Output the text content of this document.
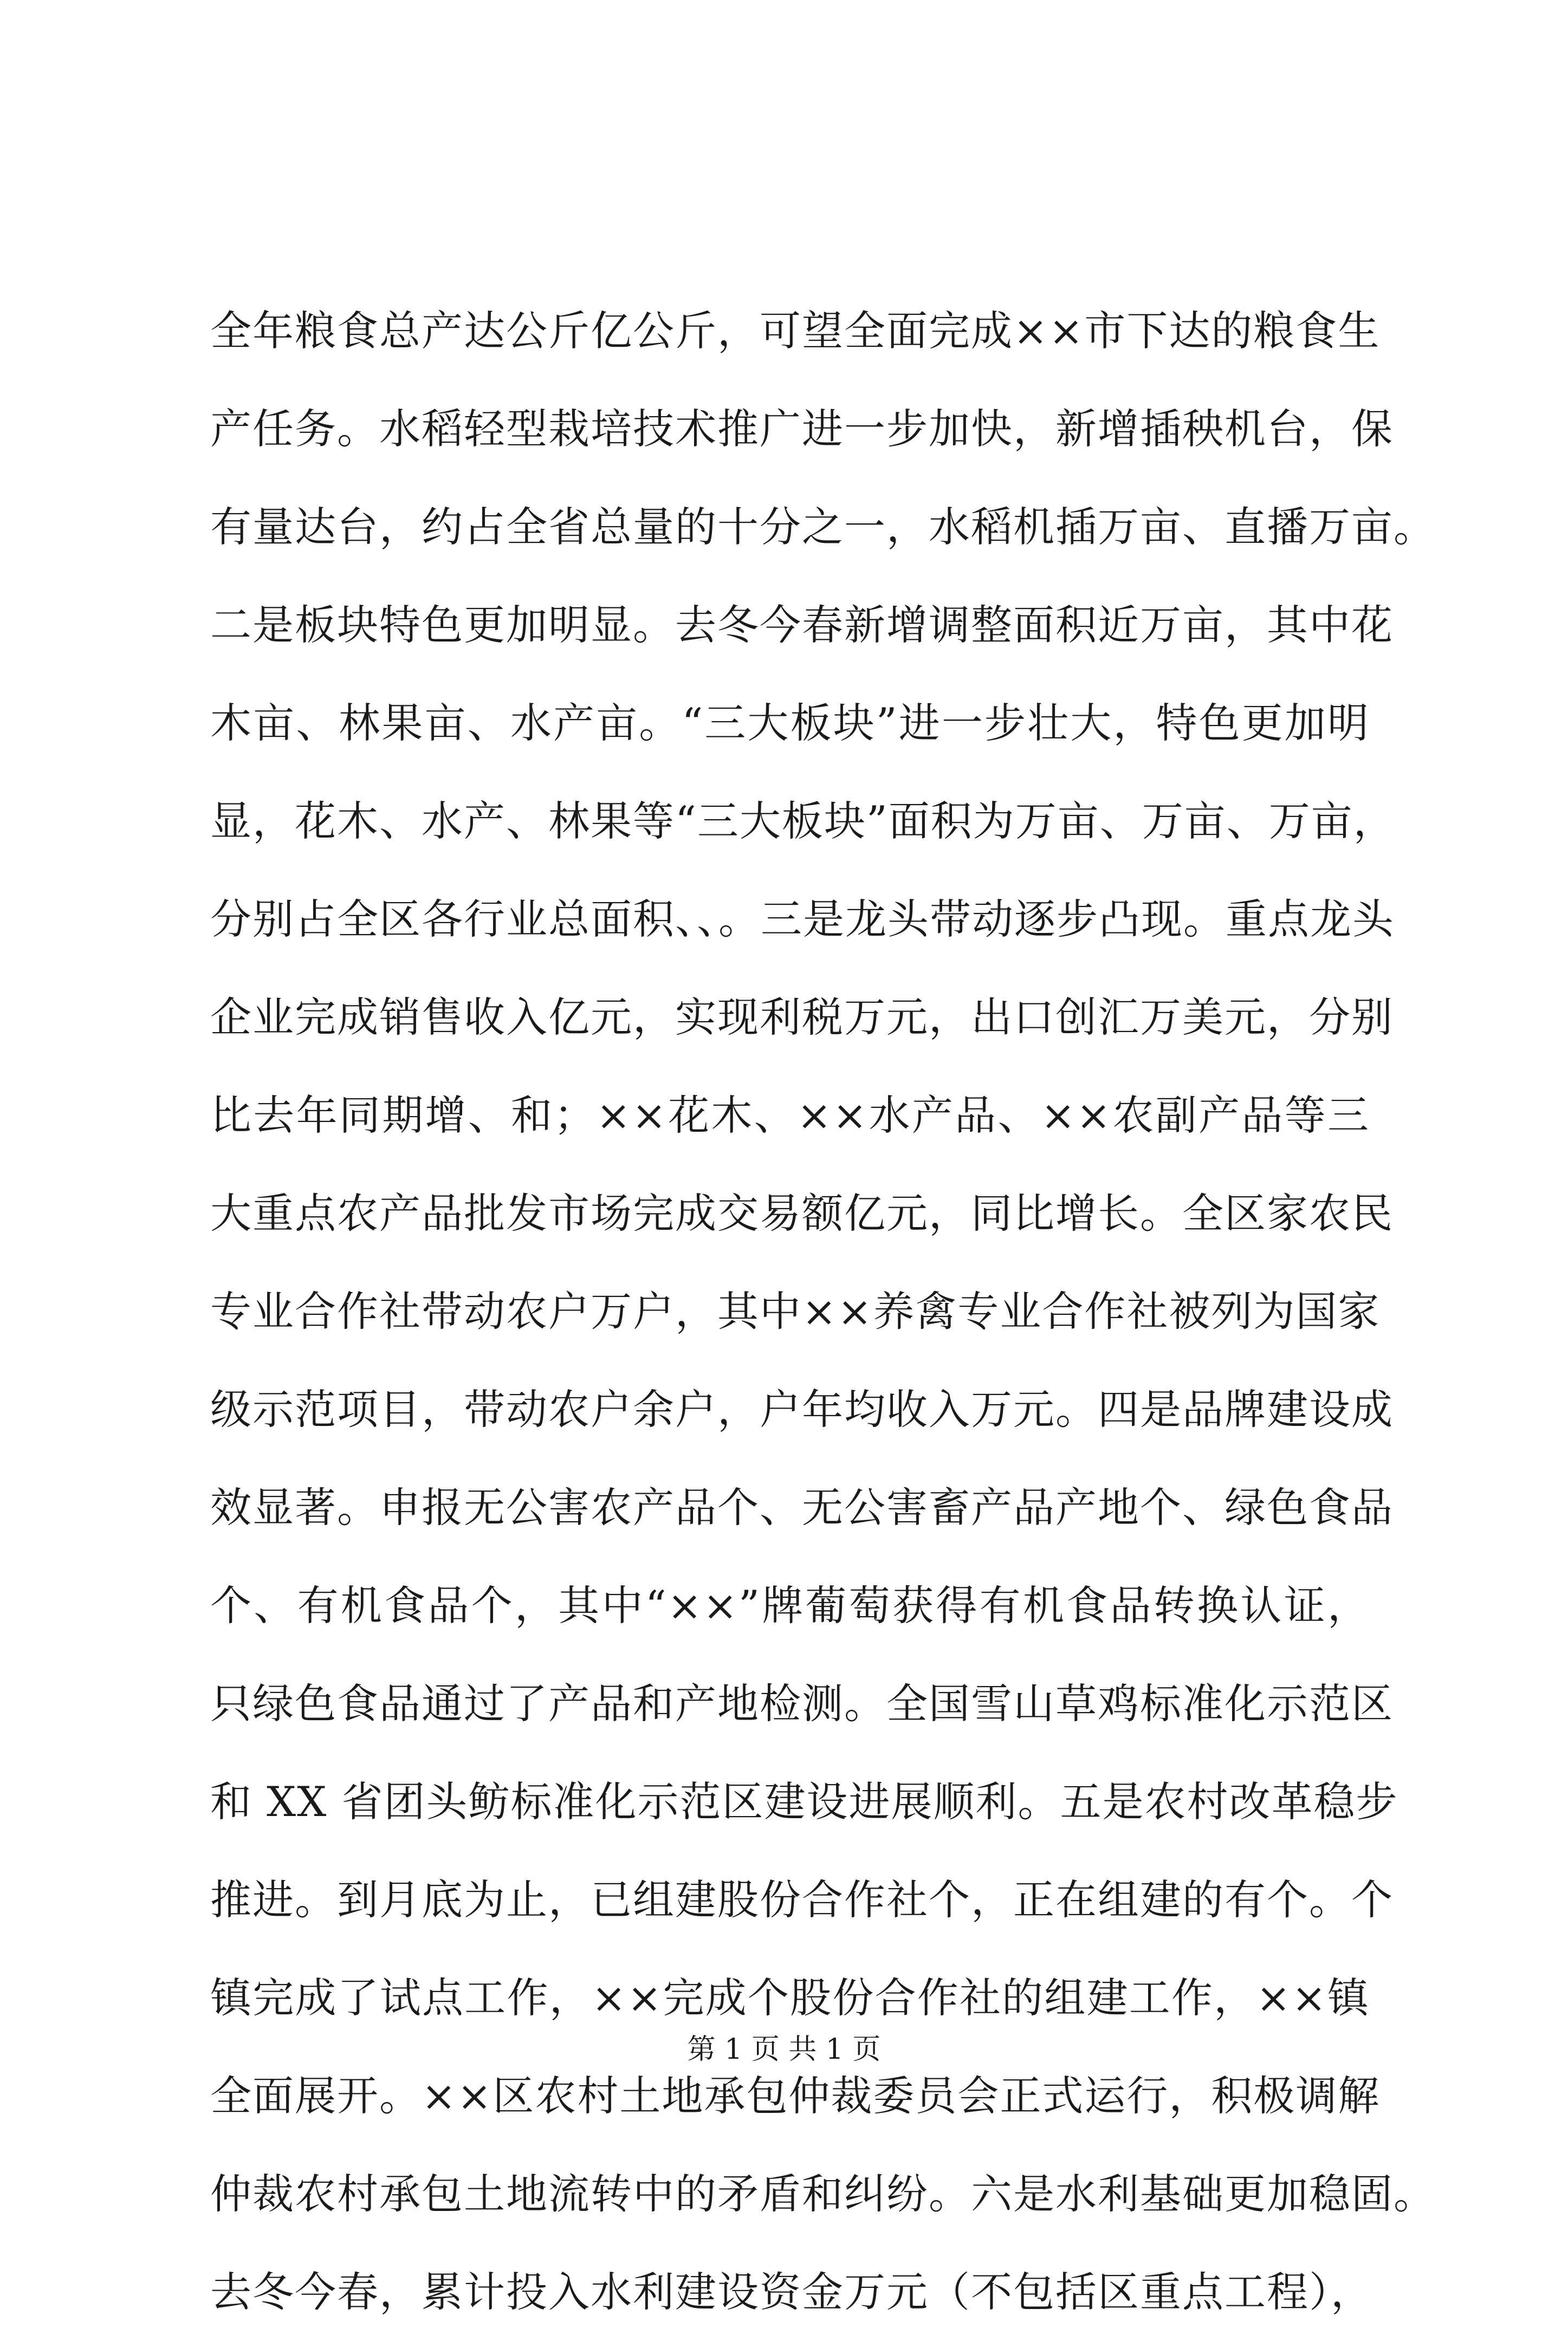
全年粮食总产达公斤亿公斤，可望全面完成××市下达的粮食生
产任务。水稻轻型栽培技术推广进一步加快，新增插秧机台，保
有量达台，约占全省总量的十分之一，水稻机插万亩、直播万亩。
二是板块特色更加明显。去冬今春新增调整面积近万亩，其中花
木亩、林果亩、水产亩。“三大板块”进一步壮大，特色更加明
显，花木、水产、林果等“三大板块”面积为万亩、万亩、万亩，
分别占全区各行业总面积、、。三是龙头带动逐步凸现。重点龙头
企业完成销售收入亿元，实现利税万元，出口创汇万美元，分别
比去年同期增、和；××花木、××水产品、××农副产品等三
大重点农产品批发市场完成交易额亿元，同比增长。全区家农民
专业合作社带动农户万户，其中××养禽专业合作社被列为国家
级示范项目，带动农户余户，户年均收入万元。四是品牌建设成
效显著。申报无公害农产品个、无公害畜产品产地个、绿色食品
个、有机食品个，其中“××”牌葡萄获得有机食品转换认证，
只绿色食品通过了产品和产地检测。全国雪山草鸡标准化示范区
和 XX 省团头鲂标准化示范区建设进展顺利。五是农村改革稳步
推进。到月底为止，已组建股份合作社个，正在组建的有个。个
镇完成了试点工作，××完成个股份合作社的组建工作，××镇
全面展开。××区农村土地承包仲裁委员会正式运行，积极调解
仲裁农村承包土地流转中的矛盾和纠纷。六是水利基础更加稳固。
去冬今春，累计投入水利建设资金万元（不包括区重点工程），
第 1 页 共 1 页
